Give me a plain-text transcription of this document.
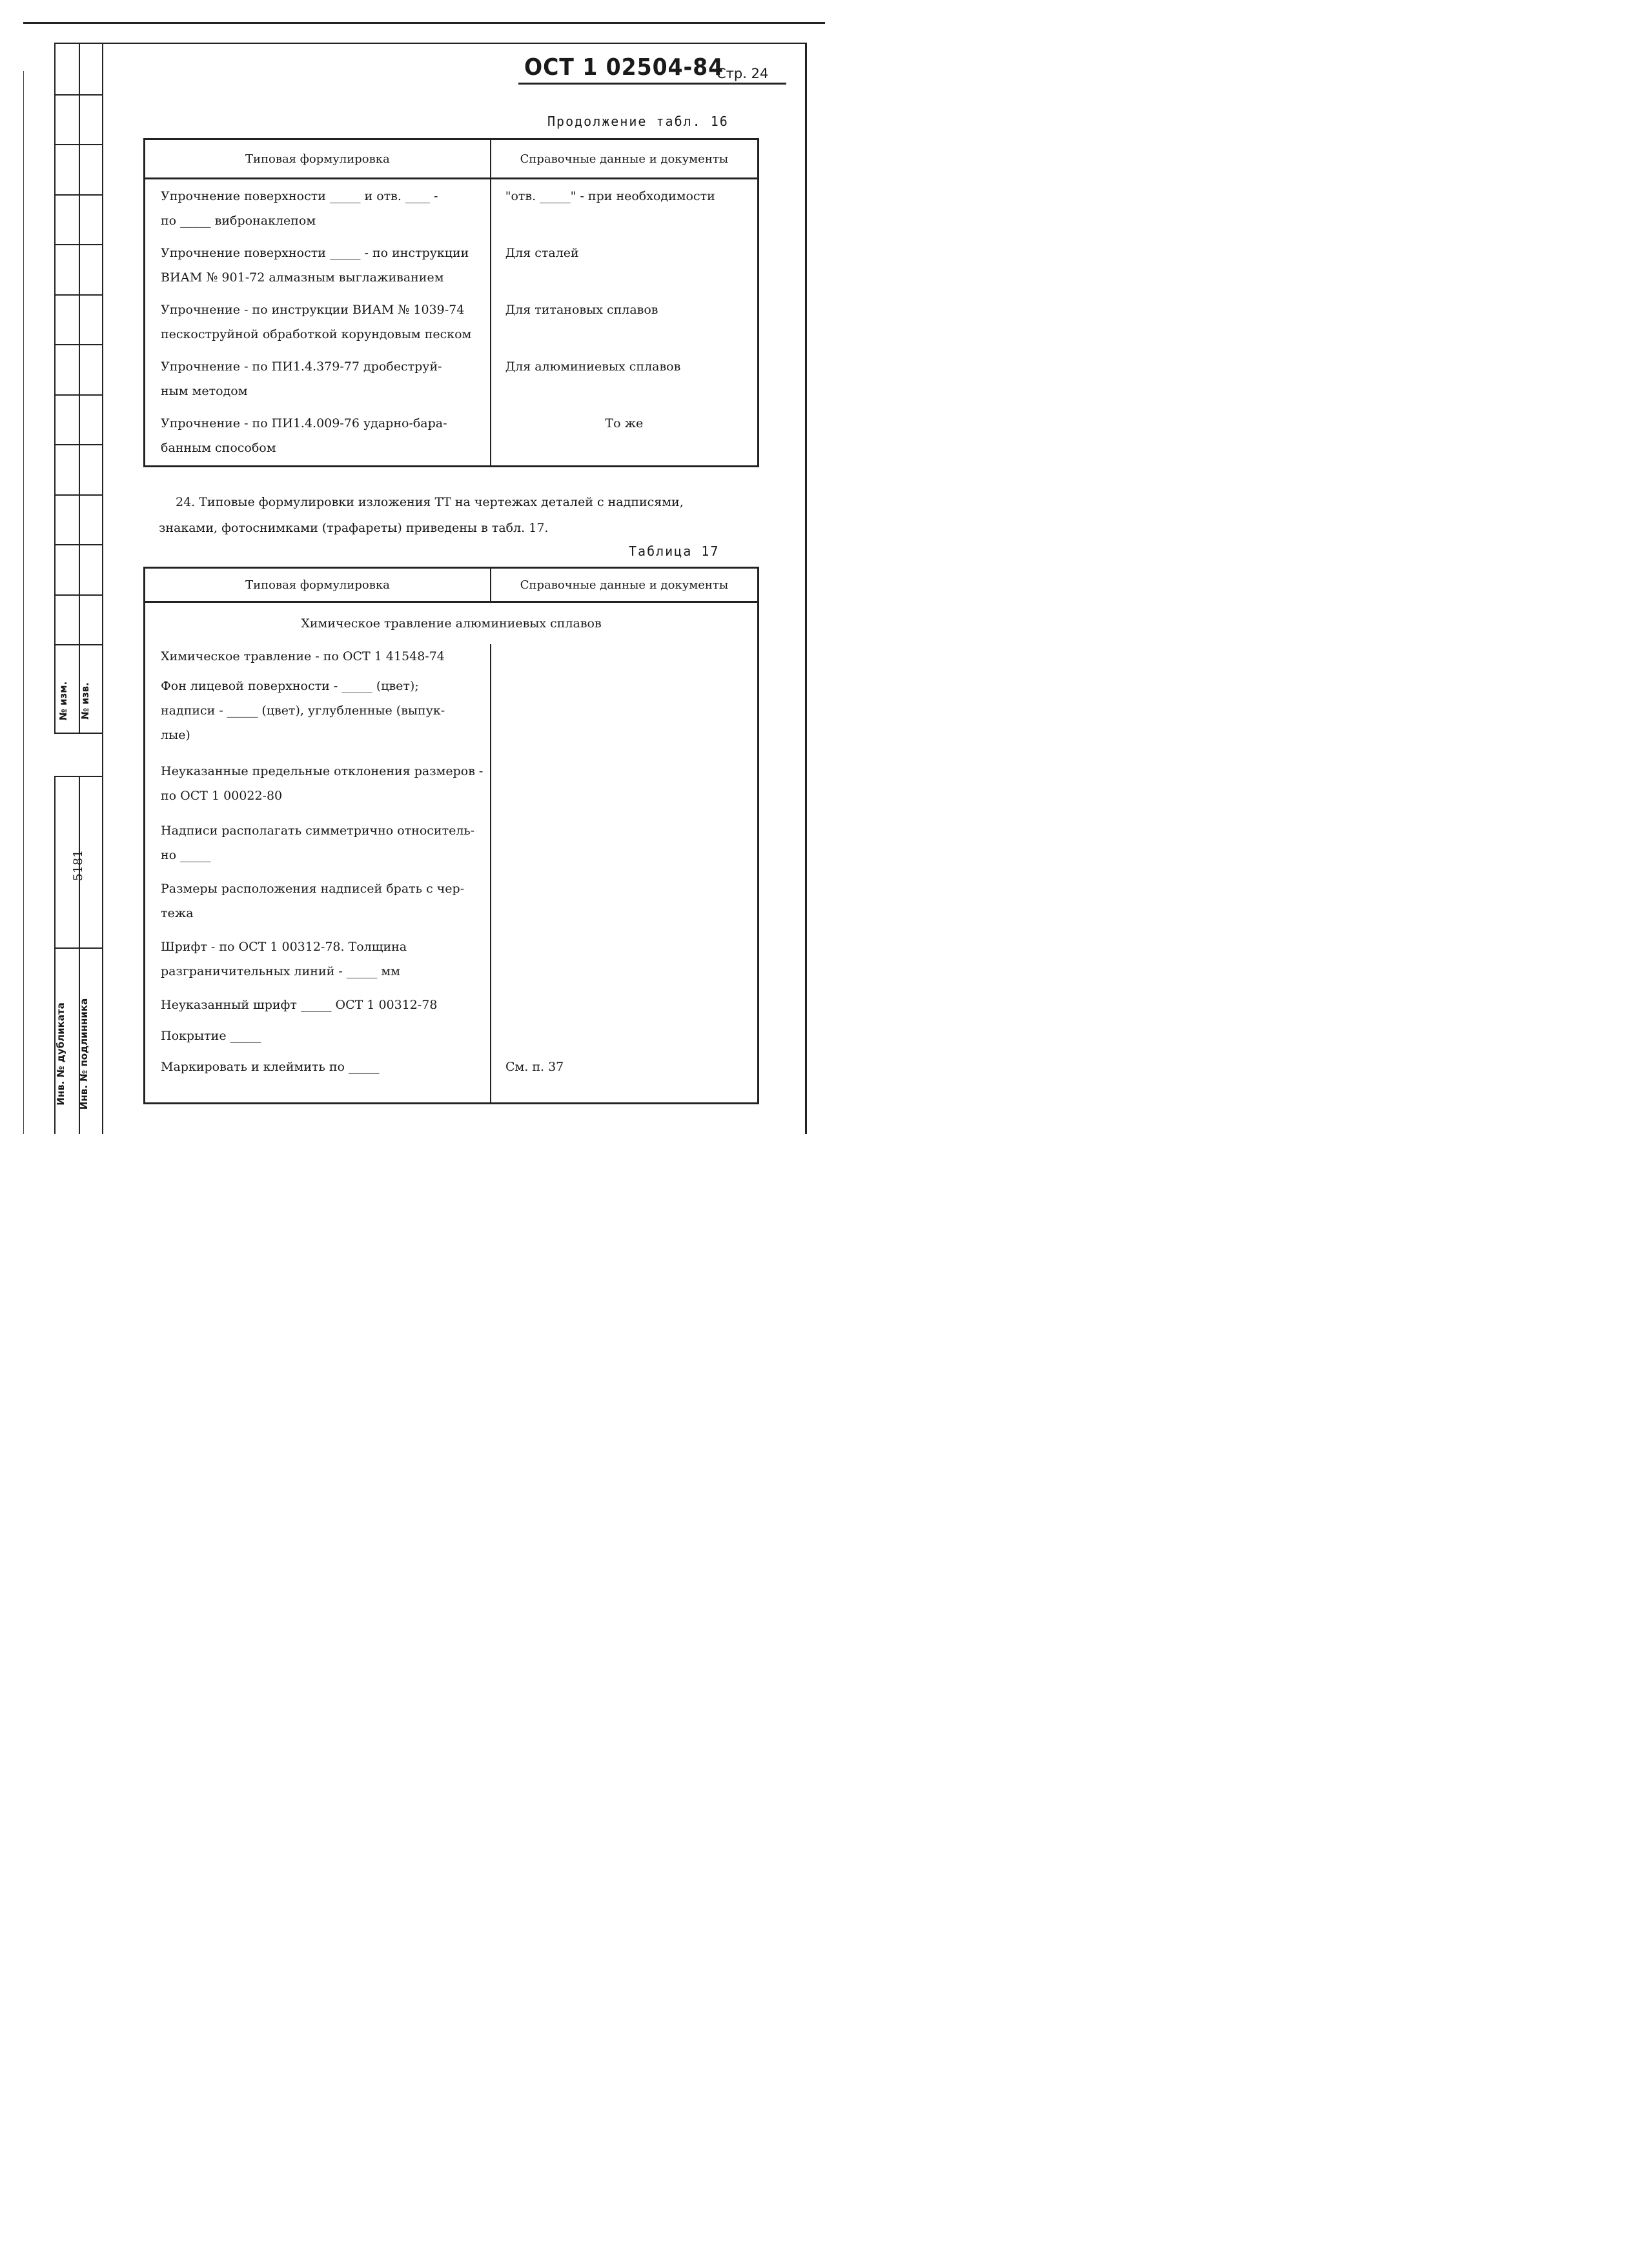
№ изм. № изв.
5181
Инв. № дубликата Инв. № подлинника
ОСТ 1 02504-84
Стр. 24
Продолжение табл. 16
Типовая формулировка	Справочные данные и документы

Упрочнение поверхности _____ и отв. ____ -
по _____ вибронаклепом	"отв. _____" - при необходимости

Упрочнение поверхности _____ - по инструкции
ВИАМ № 901-72 алмазным выглаживанием	Для сталей

Упрочнение - по инструкции ВИАМ № 1039-74
пескоструйной обработкой корундовым песком	Для титановых сплавов

Упрочнение - по ПИ1.4.379-77 дробеструй-
ным методом	Для алюминиевых сплавов

Упрочнение - по ПИ1.4.009-76 ударно-бара-
банным способом	То же
24. Типовые формулировки изложения ТТ на чертежах деталей с надписями,
знаками, фотоснимками (трафареты) приведены в табл. 17.
Таблица 17
Типовая формулировка	Справочные данные и документы
Химическое травление алюминиевых сплавов	

Химическое травление - по ОСТ 1 41548-74	

Фон лицевой поверхности - _____ (цвет);
надписи - _____ (цвет), углубленные (выпук-
лые)	

Неуказанные предельные отклонения размеров -
по ОСТ 1 00022-80	

Надписи располагать симметрично относитель-
но _____	

Размеры расположения надписей брать с чер-
тежа	

Шрифт - по ОСТ 1 00312-78. Толщина
разграничительных линий - _____ мм	

Неуказанный шрифт _____ ОСТ 1 00312-78	

Покрытие _____	

Маркировать и клеймить по _____	См. п. 37
